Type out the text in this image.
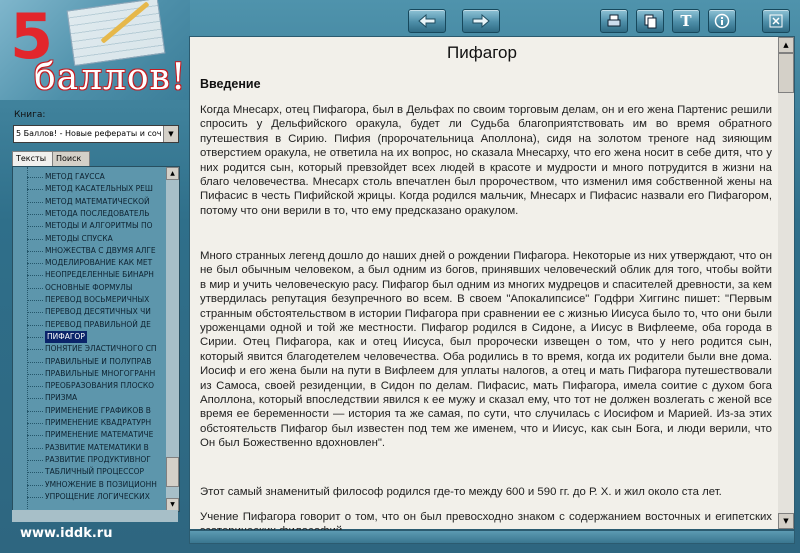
5
баллов!
T
Книга:
5 Баллов! - Новые рефераты и соч ▼
Тексты	Поиск
МЕТОД ГАУССА
МЕТОД КАСАТЕЛЬНЫХ РЕШ
МЕТОД МАТЕМАТИЧЕСКОЙ
МЕТОДА ПОСЛЕДОВАТЕЛЬ
МЕТОДЫ И АЛГОРИТМЫ ПО
МЕТОДЫ СПУСКА
МНОЖЕСТВА С ДВУМЯ АЛГЕ
МОДЕЛИРОВАНИЕ КАК МЕТ
НЕОПРЕДЕЛЕННЫЕ БИНАРН
ОСНОВНЫЕ ФОРМУЛЫ
ПЕРЕВОД ВОСЬМЕРИЧНЫХ
ПЕРЕВОД ДЕСЯТИЧНЫХ ЧИ
ПЕРЕВОД ПРАВИЛЬНОЙ ДЕ
ПИФАГОР
ПОНЯТИЕ ЭЛАСТИЧНОГО СП
ПРАВИЛЬНЫЕ И ПОЛУПРАВ
ПРАВИЛЬНЫЕ МНОГОГРАНН
ПРЕОБРАЗОВАНИЯ ПЛОСКО
ПРИЗМА
ПРИМЕНЕНИЕ ГРАФИКОВ В
ПРИМЕНЕНИЕ КВАДРАТУРН
ПРИМЕНЕНИЕ МАТЕМАТИЧЕ
РАЗВИТИЕ МАТЕМАТИКИ В
РАЗВИТИЕ ПРОДУКТИВНОГ
ТАБЛИЧНЫЙ ПРОЦЕССОР
УМНОЖЕНИЕ В ПОЗИЦИОНН
УПРОЩЕНИЕ ЛОГИЧЕСКИХ
▲
▼
www.iddk.ru
Пифагор
Введение
Когда Мнесарх, отец Пифагора, был в Дельфах по своим торговым делам, он и его жена Партенис решили спросить у Дельфийского оракула, будет ли Судьба благоприятствовать им во время обратного путешествия в Сирию. Пифия (пророчательница Аполлона), сидя на золотом треноге над зияющим отверстием оракула, не ответила на их вопрос, но сказала Мнесарху, что его жена носит в себе дитя, что у них родится сын, который превзойдет всех людей в красоте и мудрости и много потрудится в жизни на благо человечества. Мнесарх столь впечатлен был пророчеством, что изменил имя собственной жены на Пифасис в честь Пифийской жрицы. Когда родился мальчик, Мнесарх и Пифасис назвали его Пифагором, потому что они верили в то, что ему предсказано оракулом.
Много странных легенд дошло до наших дней о рождении Пифагора. Некоторые из них утверждают, что он не был обычным человеком, а был одним из богов, принявших человеческий облик для того, чтобы войти в мир и учить человеческую расу. Пифагор был одним из многих мудрецов и спасителей древности, за кем утвердилась репутация безупречного во всем. В своем "Апокалипсисе" Годфри Хиггинс пишет: "Первым странным обстоятельством в истории Пифагора при сравнении ее с жизнью Иисуса было то, что они были уроженцами одной и той же местности. Пифагор родился в Сидоне, а Иисус в Вифлееме, оба города в Сирии. Отец Пифагора, как и отец Иисуса, был пророчески извещен о том, что у него родится сын, который явится благодетелем человечества. Оба родились в то время, когда их родители были вне дома. Иосиф и его жена были на пути в Вифлеем для уплаты налогов, а отец и мать Пифагора путешествовали из Самоса, своей резиденции, в Сидон по делам. Пифасис, мать Пифагора, имела соитие с духом бога Аполлона, который впоследствии явился к ее мужу и сказал ему, что тот не должен возлегать с женой все время ее беременности — история та же самая, по сути, что случилась с Иосифом и Марией. Из-за этих обстоятельств Пифагор был известен под тем же именем, что и Иисус, как сын Бога, и люди верили, что Он был Божественно вдохновлен".
Этот самый знаменитый философ родился где-то между 600 и 590 гг. до Р. Х. и жил около ста лет.
Учение Пифагора говорит о том, что он был превосходно знаком с содержанием восточных и египетских
▲
▼
